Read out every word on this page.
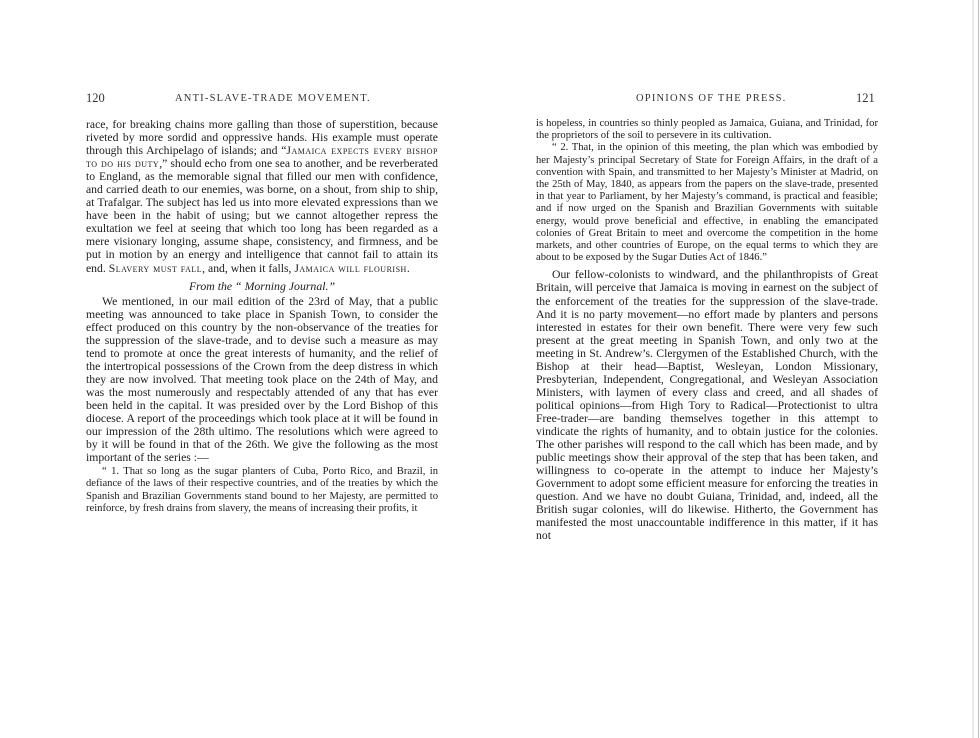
120	ANTI-SLAVE-TRADE MOVEMENT.	OPINIONS OF THE PRESS.	121

race, for breaking chains more galling than those of superstition, because riveted by more sordid and oppressive hands. His example must operate through this Archipelago of islands; and “Jamaica expects every bishop to do his duty,” should echo from one sea to another, and be reverberated to England, as the memorable signal that filled our men with confidence, and carried death to our enemies, was borne, on a shout, from ship to ship, at Trafalgar. The subject has led us into more elevated expressions than we have been in the habit of using; but we cannot altogether repress the exultation we feel at seeing that which too long has been regarded as a mere visionary longing, assume shape, consistency, and firmness, and be put in motion by an energy and intelligence that cannot fail to attain its end. Slavery must fall, and, when it falls, Jamaica will flourish.

From the “ Morning Journal.”

We mentioned, in our mail edition of the 23rd of May, that a public meeting was announced to take place in Spanish Town, to consider the effect produced on this country by the non-observance of the treaties for the suppression of the slave-trade, and to devise such a measure as may tend to promote at once the great interests of humanity, and the relief of the intertropical possessions of the Crown from the deep distress in which they are now involved. That meeting took place on the 24th of May, and was the most numerously and respectably attended of any that has ever been held in the capital. It was presided over by the Lord Bishop of this diocese. A report of the proceedings which took place at it will be found in our impression of the 28th ultimo. The resolutions which were agreed to by it will be found in that of the 26th. We give the following as the most important of the series :—

“ 1. That so long as the sugar planters of Cuba, Porto Rico, and Brazil, in defiance of the laws of their respective countries, and of the treaties by which the Spanish and Brazilian Governments stand bound to her Majesty, are permitted to reinforce, by fresh drains from slavery, the means of increasing their profits, it

is hopeless, in countries so thinly peopled as Jamaica, Guiana, and Trinidad, for the proprietors of the soil to persevere in its cultivation.

“ 2. That, in the opinion of this meeting, the plan which was embodied by her Majesty’s principal Secretary of State for Foreign Affairs, in the draft of a convention with Spain, and transmitted to her Majesty’s Minister at Madrid, on the 25th of May, 1840, as appears from the papers on the slave-trade, presented in that year to Parliament, by her Majesty’s command, is practical and feasible; and if now urged on the Spanish and Brazilian Governments with suitable energy, would prove beneficial and effective, in enabling the emancipated colonies of Great Britain to meet and overcome the competition in the home markets, and other countries of Europe, on the equal terms to which they are about to be exposed by the Sugar Duties Act of 1846.”

Our fellow-colonists to windward, and the philanthropists of Great Britain, will perceive that Jamaica is moving in earnest on the subject of the enforcement of the treaties for the suppression of the slave-trade. And it is no party movement—no effort made by planters and persons interested in estates for their own benefit. There were very few such present at the great meeting in Spanish Town, and only two at the meeting in St. Andrew’s. Clergymen of the Established Church, with the Bishop at their head—Baptist, Wesleyan, London Missionary, Presbyterian, Independent, Congregational, and Wesleyan Association Ministers, with laymen of every class and creed, and all shades of political opinions—from High Tory to Radical—Protectionist to ultra Free-trader—are banding themselves together in this attempt to vindicate the rights of humanity, and to obtain justice for the colonies. The other parishes will respond to the call which has been made, and by public meetings show their approval of the step that has been taken, and willingness to co-operate in the attempt to induce her Majesty’s Government to adopt some efficient measure for enforcing the treaties in question. And we have no doubt Guiana, Trinidad, and, indeed, all the British sugar colonies, will do likewise. Hitherto, the Government has manifested the most unaccountable indifference in this matter, if it has not
